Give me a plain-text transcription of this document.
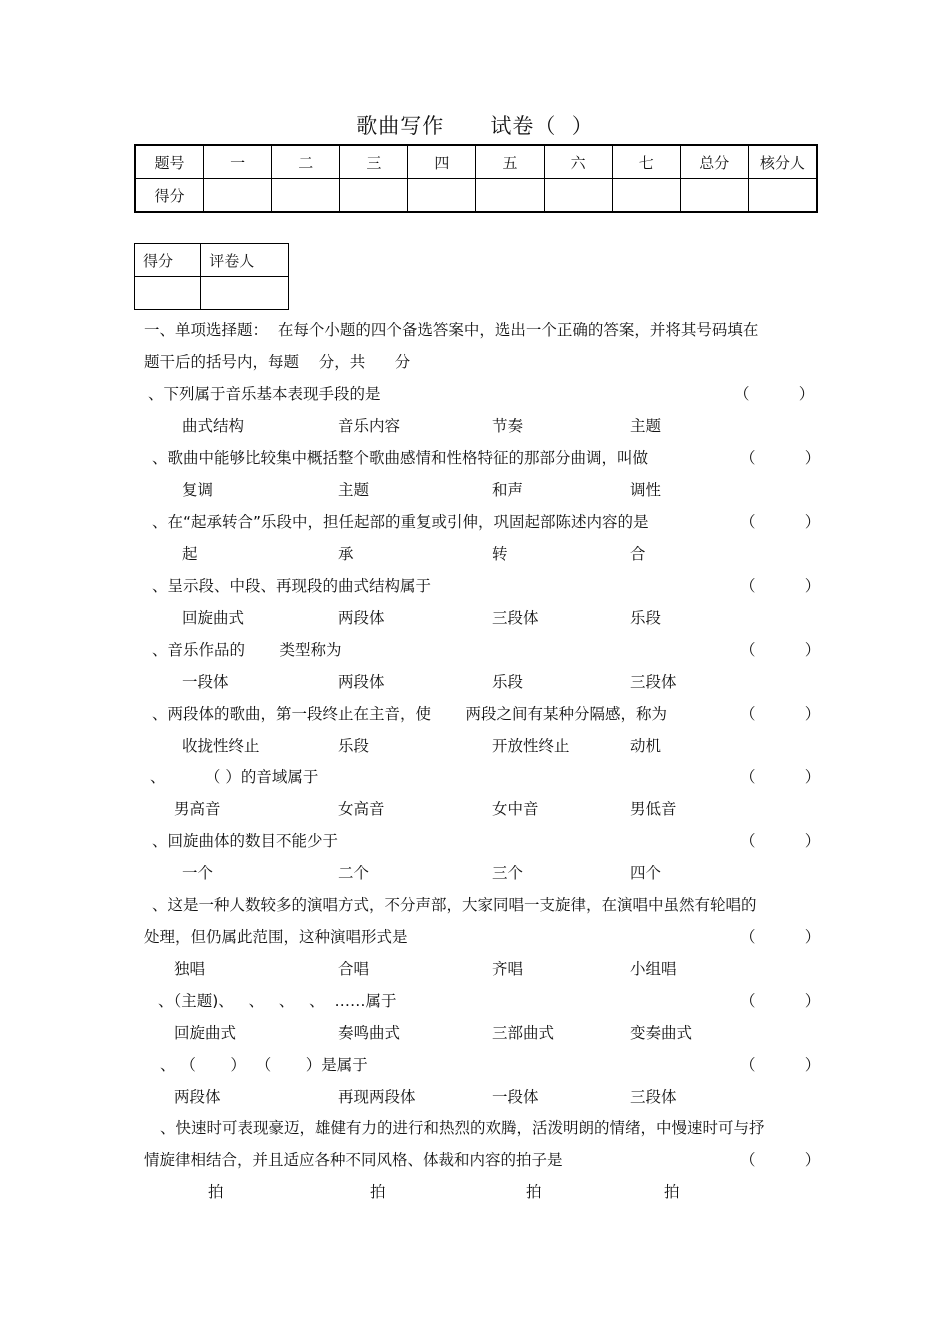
歌曲写作      试卷（  ）
题号	一	二	三	四	五	六	七	总分	核分人
得分									
得分	评卷人

一、单项选择题：  在每个小题的四个备选答案中，选出一个正确的答案，并将其号码填在
题干后的括号内，每题    分，共      分
、下列属于音乐基本表现手段的是	（          ）
曲式结构	音乐内容	节奏	主题
、歌曲中能够比较集中概括整个歌曲感情和性格特征的那部分曲调，叫做	（          ）
复调	主题	和声	调性
、在“起承转合”乐段中，担任起部的重复或引伸，巩固起部陈述内容的是	（          ）
起	承	转	合
、呈示段、中段、再现段的曲式结构属于	（          ）
回旋曲式	两段体	三段体	乐段
、音乐作品的       类型称为	（          ）
一段体	两段体	乐段	三段体
、两段体的歌曲，第一段终止在主音，使       两段之间有某种分隔感，称为	（          ）
收拢性终止	乐段	开放性终止	动机
、        （ ）的音域属于	（          ）
男高音	女高音	女中音	男低音
、回旋曲体的数目不能少于	（          ）
一个	二个	三个	四个
、这是一种人数较多的演唱方式，不分声部，大家同唱一支旋律，在演唱中虽然有轮唱的
处理，但仍属此范围，这种演唱形式是	（          ）
独唱	合唱	齐唱	小组唱
、（主题)、   、   、   、  ……属于	（          ）
回旋曲式	奏鸣曲式	三部曲式	变奏曲式
、 （       ）  （       ）是属于	（          ）
两段体	再现两段体	一段体	三段体
、快速时可表现豪迈，雄健有力的进行和热烈的欢腾，活泼明朗的情绪，中慢速时可与抒
情旋律相结合，并且适应各种不同风格、体裁和内容的拍子是	（          ）
拍	拍	拍	拍
